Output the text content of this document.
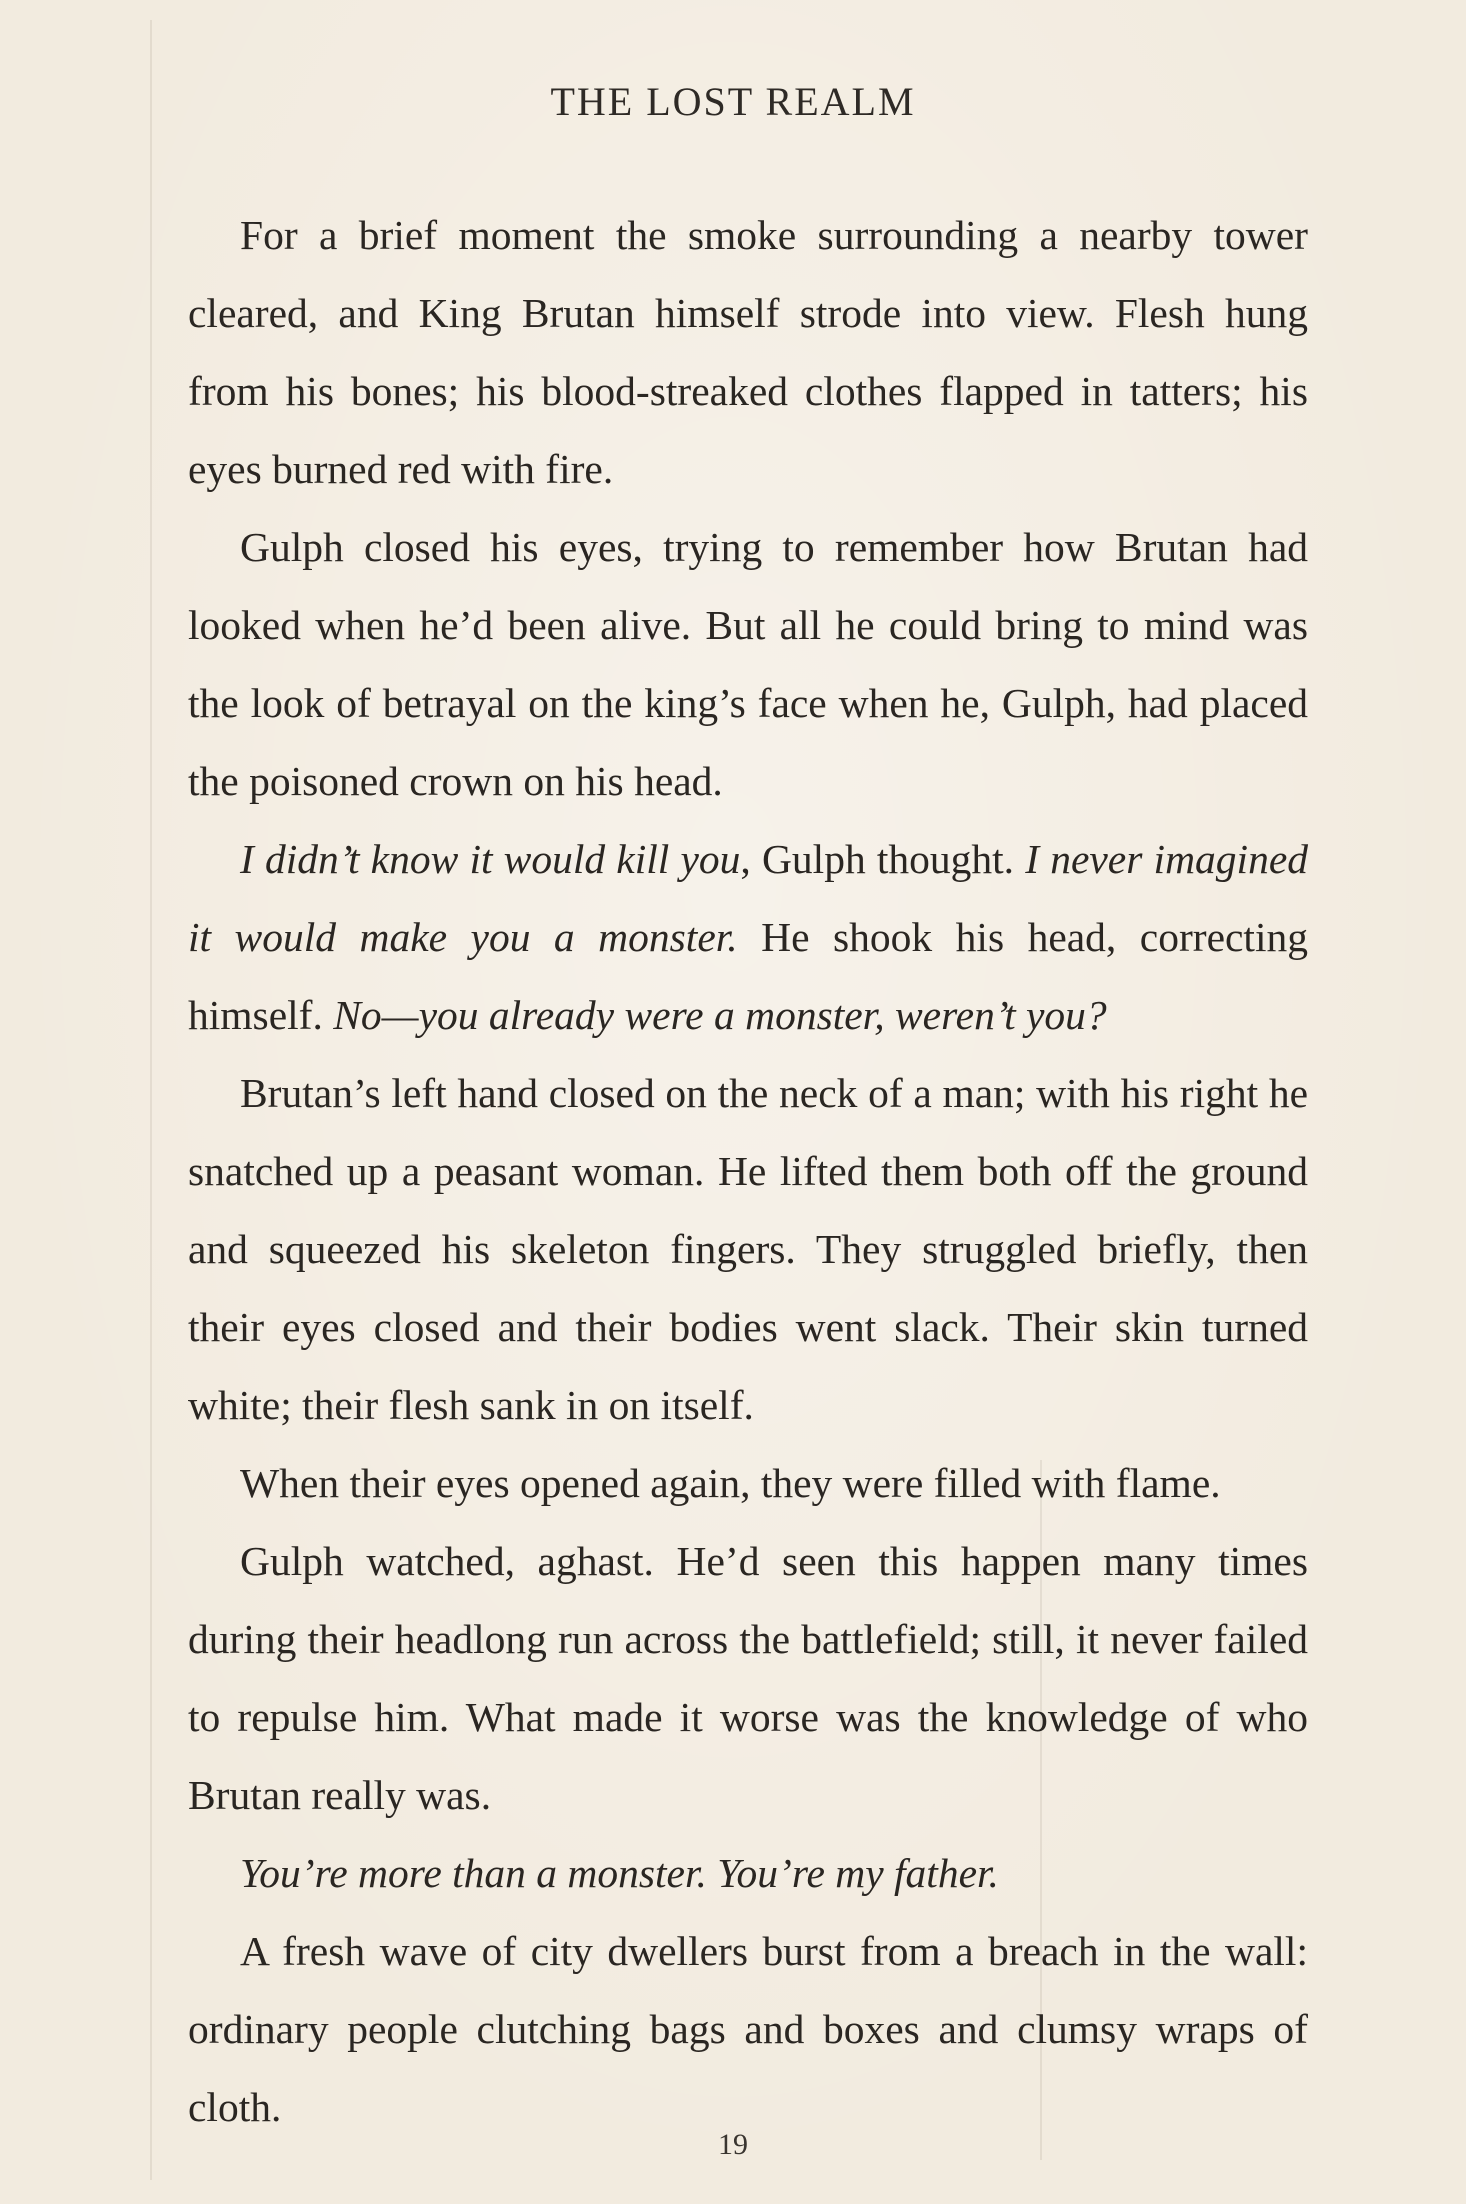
THE LOST REALM

For a brief moment the smoke surrounding a nearby tower cleared, and King Brutan himself strode into view. Flesh hung from his bones; his blood-streaked clothes flapped in tatters; his eyes burned red with fire.

Gulph closed his eyes, trying to remember how Brutan had looked when he’d been alive. But all he could bring to mind was the look of betrayal on the king’s face when he, Gulph, had placed the poisoned crown on his head.

I didn’t know it would kill you, Gulph thought. I never imagined it would make you a monster. He shook his head, correcting himself. No—you already were a monster, weren’t you?

Brutan’s left hand closed on the neck of a man; with his right he snatched up a peasant woman. He lifted them both off the ground and squeezed his skeleton fingers. They struggled briefly, then their eyes closed and their bodies went slack. Their skin turned white; their flesh sank in on itself.

When their eyes opened again, they were filled with flame.

Gulph watched, aghast. He’d seen this happen many times during their headlong run across the battlefield; still, it never failed to repulse him. What made it worse was the knowledge of who Brutan really was.

You’re more than a monster. You’re my father.

A fresh wave of city dwellers burst from a breach in the wall: ordinary people clutching bags and boxes and clumsy wraps of cloth.

19
